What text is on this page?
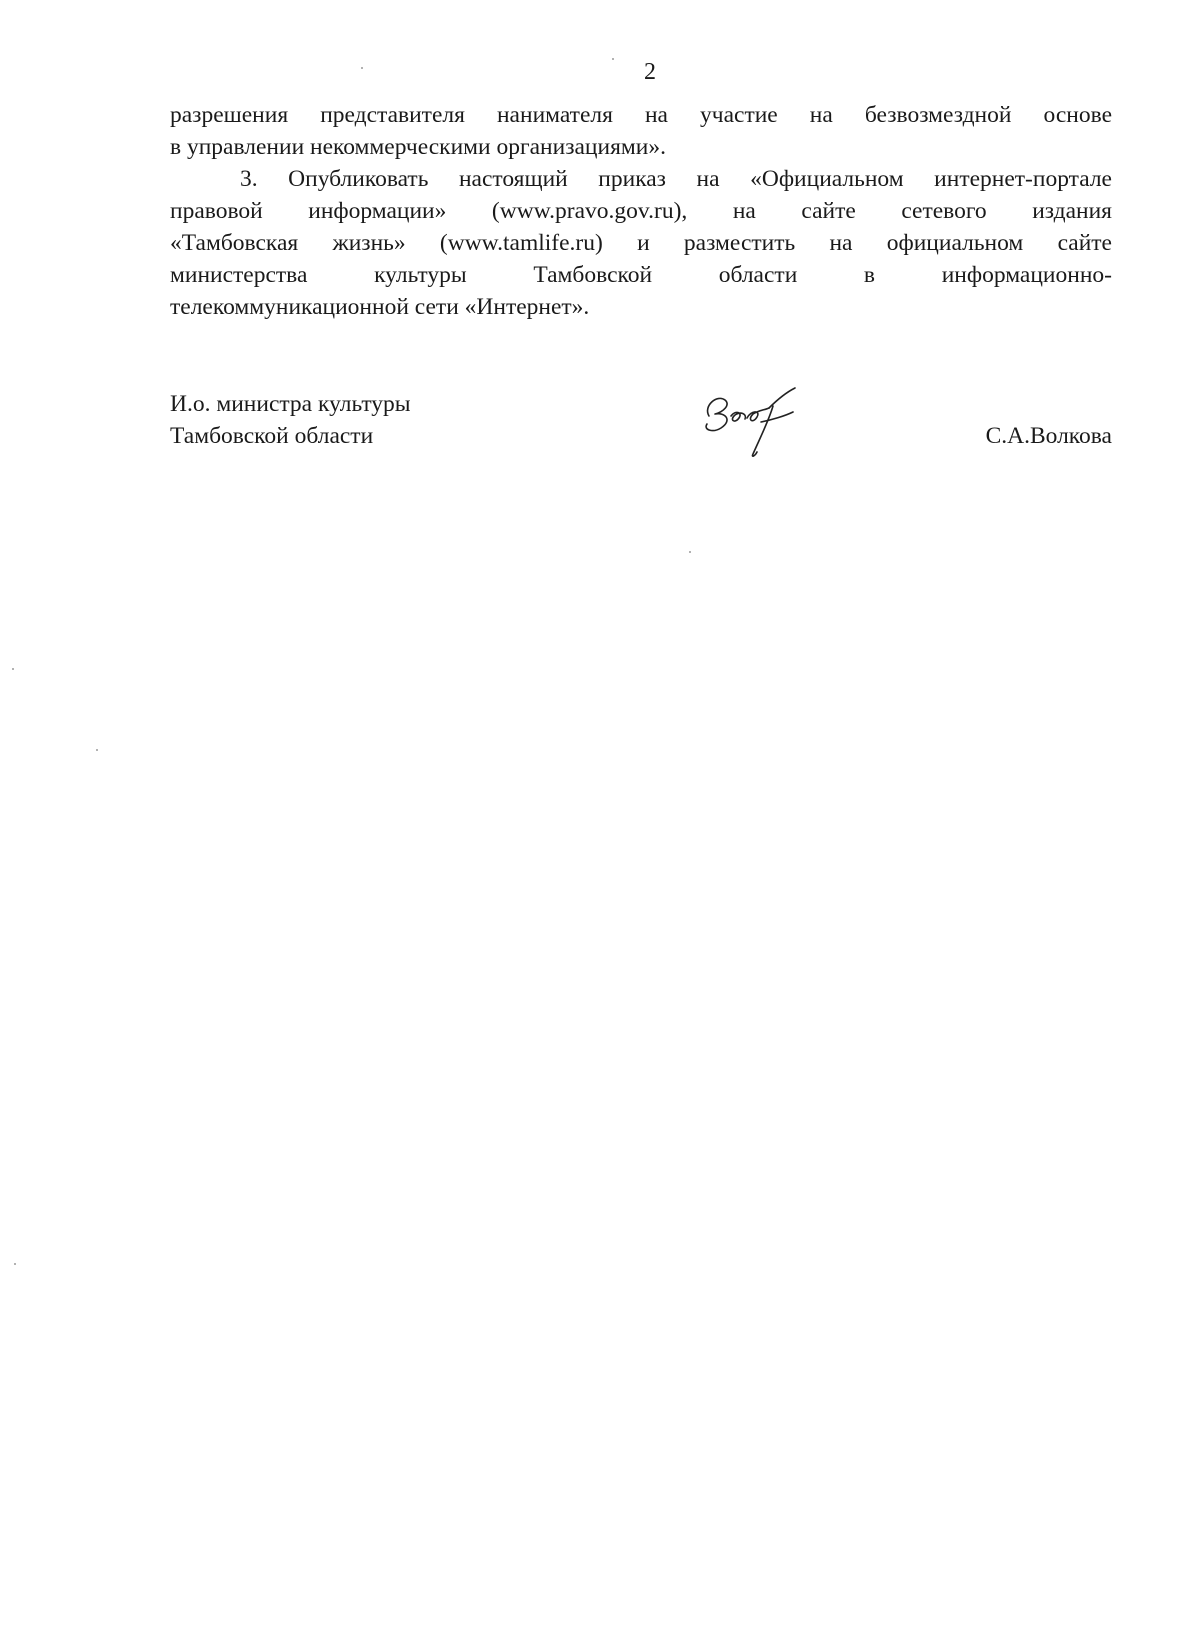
2

разрешения представителя нанимателя на участие на безвозмездной основе
в управлении некоммерческими организациями».

3. Опубликовать настоящий приказ на «Официальном интернет-портале
правовой информации» (www.pravo.gov.ru), на сайте сетевого издания
«Тамбовская жизнь» (www.tamlife.ru) и разместить на официальном сайте
министерства культуры Тамбовской области в информационно-
телекоммуникационной сети «Интернет».

И.о. министра культуры
Тамбовской области	С.А.Волкова
